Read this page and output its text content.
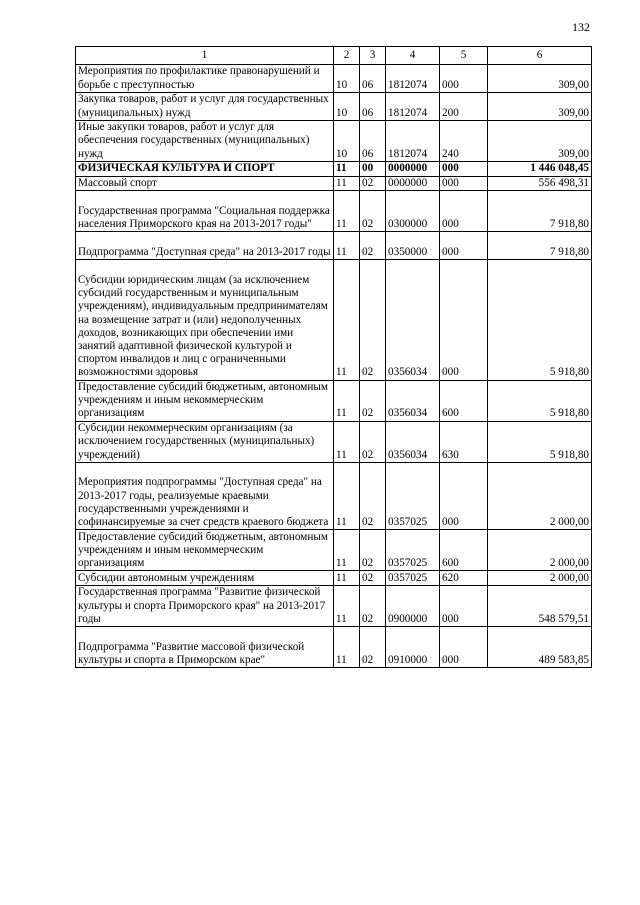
132
1	2	3	4	5	6
Мероприятия по профилактике правонарушений и борьбе с преступностью	10	06	1812074	000	309,00
Закупка товаров, работ и услуг для государственных (муниципальных) нужд	10	06	1812074	200	309,00
Иные закупки товаров, работ и услуг для обеспечения государственных (муниципальных) нужд	10	06	1812074	240	309,00
ФИЗИЧЕСКАЯ КУЛЬТУРА И СПОРТ	11	00	0000000	000	1 446 048,45
Массовый спорт	11	02	0000000	000	556 498,31
Государственная программа "Социальная поддержка населения Приморского края на 2013-2017 годы"	11	02	0300000	000	7 918,80
Подпрограмма "Доступная среда" на 2013-2017 годы	11	02	0350000	000	7 918,80
Субсидии юридическим лицам (за исключением субсидий государственным и муниципальным учреждениям), индивидуальным предпринимателям на возмещение затрат и (или) недополученных доходов, возникающих при обеспечении ими занятий адаптивной физической культурой и спортом инвалидов и лиц с ограниченными возможностями здоровья	11	02	0356034	000	5 918,80
Предоставление субсидий бюджетным, автономным учреждениям и иным некоммерческим организациям	11	02	0356034	600	5 918,80
Субсидии некоммерческим организациям (за исключением государственных (муниципальных) учреждений)	11	02	0356034	630	5 918,80
Мероприятия подпрограммы "Доступная среда" на 2013-2017 годы, реализуемые краевыми государственными учреждениями и софинансируемые за счет средств краевого бюджета	11	02	0357025	000	2 000,00
Предоставление субсидий бюджетным, автономным учреждениям и иным некоммерческим организациям	11	02	0357025	600	2 000,00
Субсидии автономным учреждениям	11	02	0357025	620	2 000,00
Государственная программа "Развитие физической культуры и спорта Приморского края" на 2013-2017 годы	11	02	0900000	000	548 579,51
Подпрограмма "Развитие массовой физической культуры и спорта в Приморском крае"	11	02	0910000	000	489 583,85
